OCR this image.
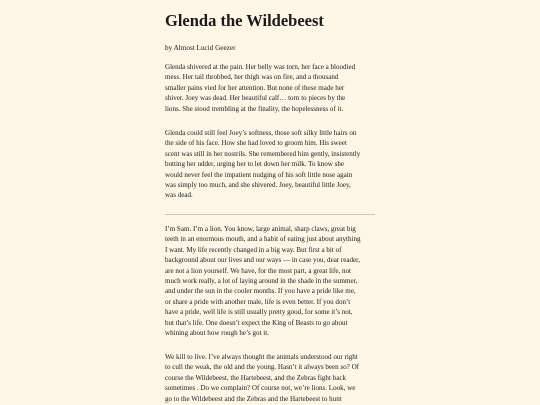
Glenda the Wildebeest

by Almost Lucid Geezer

Glenda shivered at the pain. Her belly was torn, her face a bloodied
mess. Her tail throbbed, her thigh was on fire, and a thousand
smaller pains vied for her attention. But none of these made her
shiver. Joey was dead. Her beautiful calf… torn to pieces by the
lions. She stood trembling at the finality, the hopelessness of it.
Glenda could still feel Joey’s softness, those soft silky little hairs on
the side of his face. How she had loved to groom him. His sweet
scent was still in her nostrils. She remembered him gently, insistently
butting her udder, urging her to let down her milk. To know she
would never feel the impatient nudging of his soft little nose again
was simply too much, and she shivered. Joey, beautiful little Joey,
was dead.
I’m Sam. I’m a lion. You know, large animal, sharp claws, great big
teeth in an enormous mouth, and a habit of eating just about anything
I want. My life recently changed in a big way. But first a bit of
background about our lives and our ways — in case you, dear reader,
are not a lion yourself. We have, for the most part, a great life, not
much work really, a lot of laying around in the shade in the summer,
and under the sun in the cooler months. If you have a pride like me,
or share a pride with another male, life is even better. If you don’t
have a pride, well life is still usually pretty good, for some it’s not,
but that’s life. One doesn’t expect the King of Beasts to go about
whining about how rough he’s got it.
We kill to live. I’ve always thought the animals understood our right
to cull the weak, the old and the young. Hasn’t it always been so? Of
course the Wildebeest, the Hartebeest, and the Zebras fight back
sometimes . Do we complain? Of course not, we’re lions. Look, we
go to the Wildebeest and the Zebras and the Hartebeest to hunt
